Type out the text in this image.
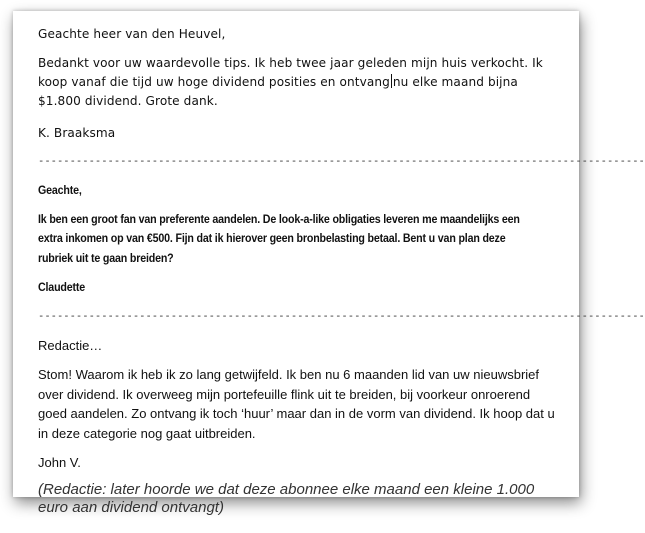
Geachte heer van den Heuvel,

Bedankt voor uw waardevolle tips. Ik heb twee jaar geleden mijn huis verkocht. Ik koop vanaf die tijd uw hoge dividend posities en ontvang nu elke maand bijna $1.800 dividend. Grote dank.

K. Braaksma

------------------------------------------------------------------------------------------------

Geachte,

Ik ben een groot fan van preferente aandelen. De look-a-like obligaties leveren me maandelijks een extra inkomen op van €500. Fijn dat ik hierover geen bronbelasting betaal. Bent u van plan deze rubriek uit te gaan breiden?

Claudette

------------------------------------------------------------------------------------------------

Redactie…

Stom! Waarom ik heb ik zo lang getwijfeld. Ik ben nu 6 maanden lid van uw nieuwsbrief over dividend. Ik overweeg mijn portefeuille flink uit te breiden, bij voorkeur onroerend goed aandelen. Zo ontvang ik toch ‘huur’ maar dan in de vorm van dividend. Ik hoop dat u in deze categorie nog gaat uitbreiden.

John V.

(Redactie: later hoorde we dat deze abonnee elke maand een kleine 1.000 euro aan dividend ontvangt)
